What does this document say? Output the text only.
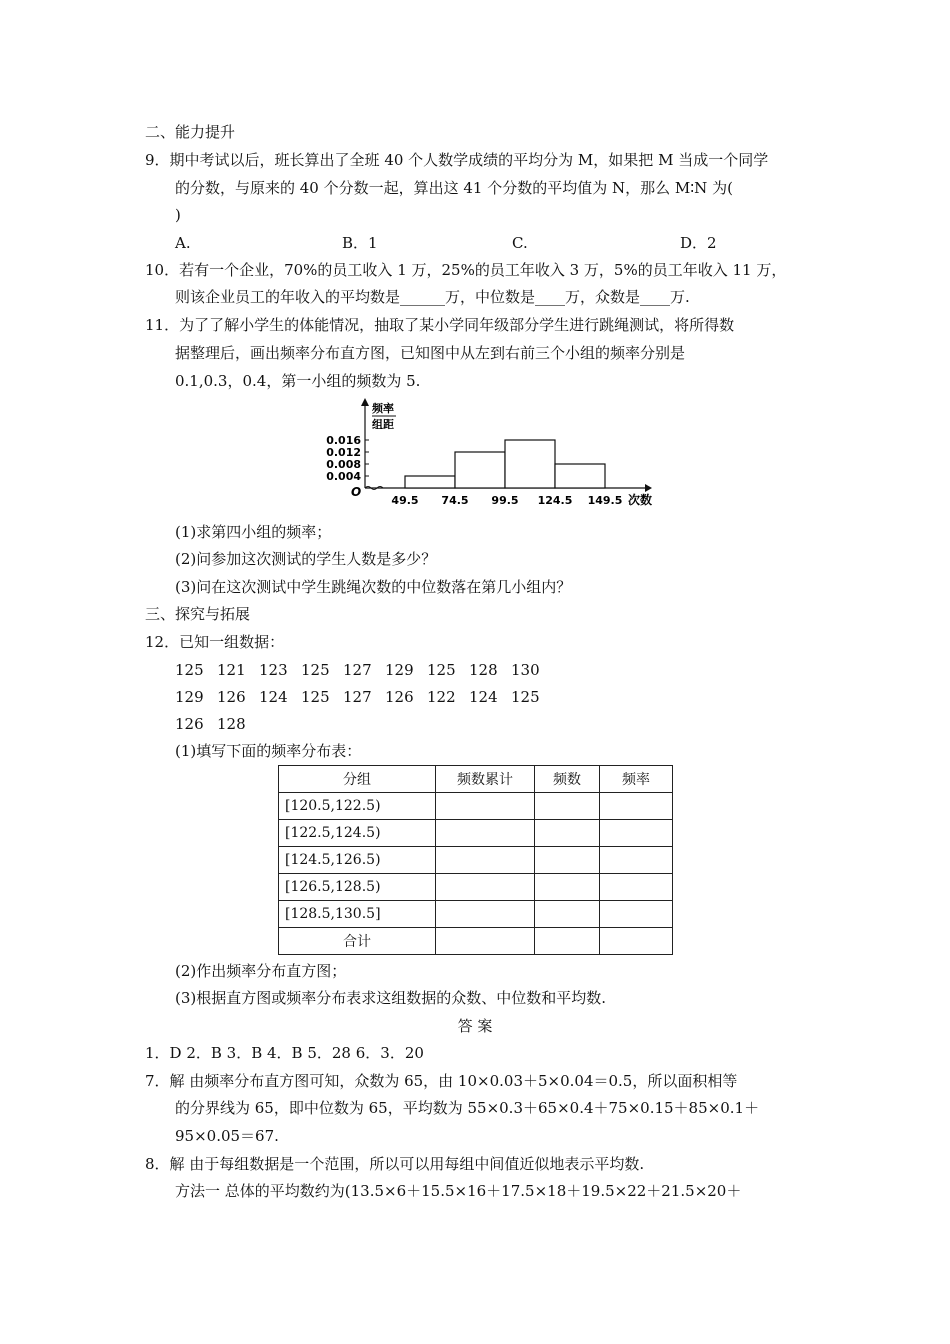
二、能力提升
9．期中考试以后，班长算出了全班 40 个人数学成绩的平均分为 M，如果把 M 当成一个同学
的分数，与原来的 40 个分数一起，算出这 41 个分数的平均值为 N，那么 M∶N 为(
)
A.	B．1	C.	D．2
10．若有一个企业，70%的员工收入 1 万，25%的员工年收入 3 万，5%的员工年收入 11 万，
则该企业员工的年收入的平均数是______万，中位数是____万，众数是____万.
11．为了了解小学生的体能情况，抽取了某小学同年级部分学生进行跳绳测试，将所得数
据整理后，画出频率分布直方图，已知图中从左到右前三个小组的频率分别是
0.1,0.3，0.4，第一小组的频数为 5.
0.016
0.012
0.008
0.004
49.5 74.5 99.5 124.5 149.5
O
次数
频率
组距
(1)求第四小组的频率；
(2)问参加这次测试的学生人数是多少？
(3)问在这次测试中学生跳绳次数的中位数落在第几小组内？
三、探究与拓展
12．已知一组数据：
125 121 123 125 127 129 125 128 130
129 126 124 125 127 126 122 124 125
126 128
(1)填写下面的频率分布表：
分组	频数累计	频数	频率
[120.5,122.5)			
[122.5,124.5)			
[124.5,126.5)			
[126.5,128.5)			
[128.5,130.5]			
合计			
(2)作出频率分布直方图；
(3)根据直方图或频率分布表求这组数据的众数、中位数和平均数.
答 案
1．D 2．B 3．B 4．B 5．28 6．3．20
7．解 由频率分布直方图可知，众数为 65，由 10×0.03＋5×0.04＝0.5，所以面积相等
的分界线为 65，即中位数为 65，平均数为 55×0.3＋65×0.4＋75×0.15＋85×0.1＋
95×0.05＝67.
8．解 由于每组数据是一个范围，所以可以用每组中间值近似地表示平均数.
方法一 总体的平均数约为(13.5×6＋15.5×16＋17.5×18＋19.5×22＋21.5×20＋
